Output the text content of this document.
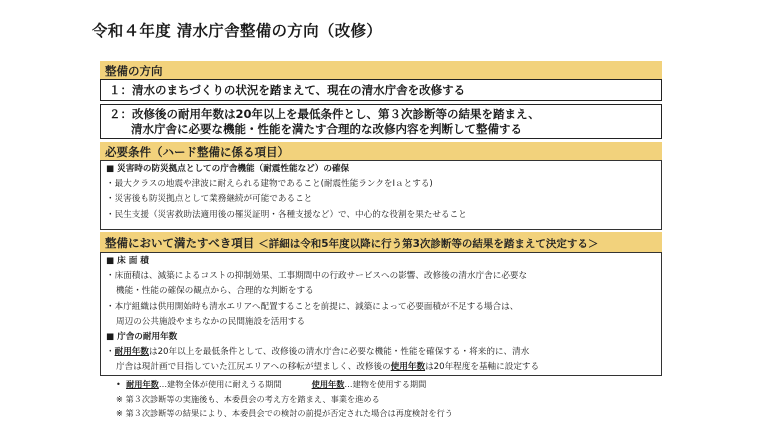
令和４年度 清水庁舎整備の方向（改修）
整備の方向
１：清水のまちづくりの状況を踏まえて、現在の清水庁舎を改修する
２：改修後の耐用年数は20年以上を最低条件とし、第３次診断等の結果を踏まえ、
清水庁舎に必要な機能・性能を満たす合理的な改修内容を判断して整備する
必要条件（ハード整備に係る項目）
■ 災害時の防災拠点としての庁舎機能（耐震性能など）の確保
・最大クラスの地震や津波に耐えられる建物であること(耐震性能ランクをⅠａとする)
・災害後も防災拠点として業務継続が可能であること
・民生支援（災害救助法適用後の罹災証明・各種支援など）で、中心的な役割を果たせること
整備において満たすべき項目 ＜詳細は令和5年度以降に行う第3次診断等の結果を踏まえて決定する＞
■ 床 面 積
・床面積は、減築によるコストの抑制効果、工事期間中の行政サービスへの影響、改修後の清水庁舎に必要な
機能・性能の確保の観点から、合理的な判断をする
・本庁組織は供用開始時も清水エリアへ配置することを前提に、減築によって必要面積が不足する場合は、
周辺の公共施設やまちなかの民間施設を活用する
■ 庁舎の耐用年数
・耐用年数は20年以上を最低条件として、改修後の清水庁舎に必要な機能・性能を確保する・将来的に、清水
庁舎は現計画で目指していた江尻エリアへの移転が望ましく、改修後の使用年数は20年程度を基軸に設定する
• 耐用年数…建物全体が使用に耐えうる期間	使用年数…建物を使用する期間
※ 第３次診断等の実施後も、本委員会の考え方を踏まえ、事業を進める
※ 第３次診断等の結果により、本委員会での検討の前提が否定された場合は再度検討を行う
